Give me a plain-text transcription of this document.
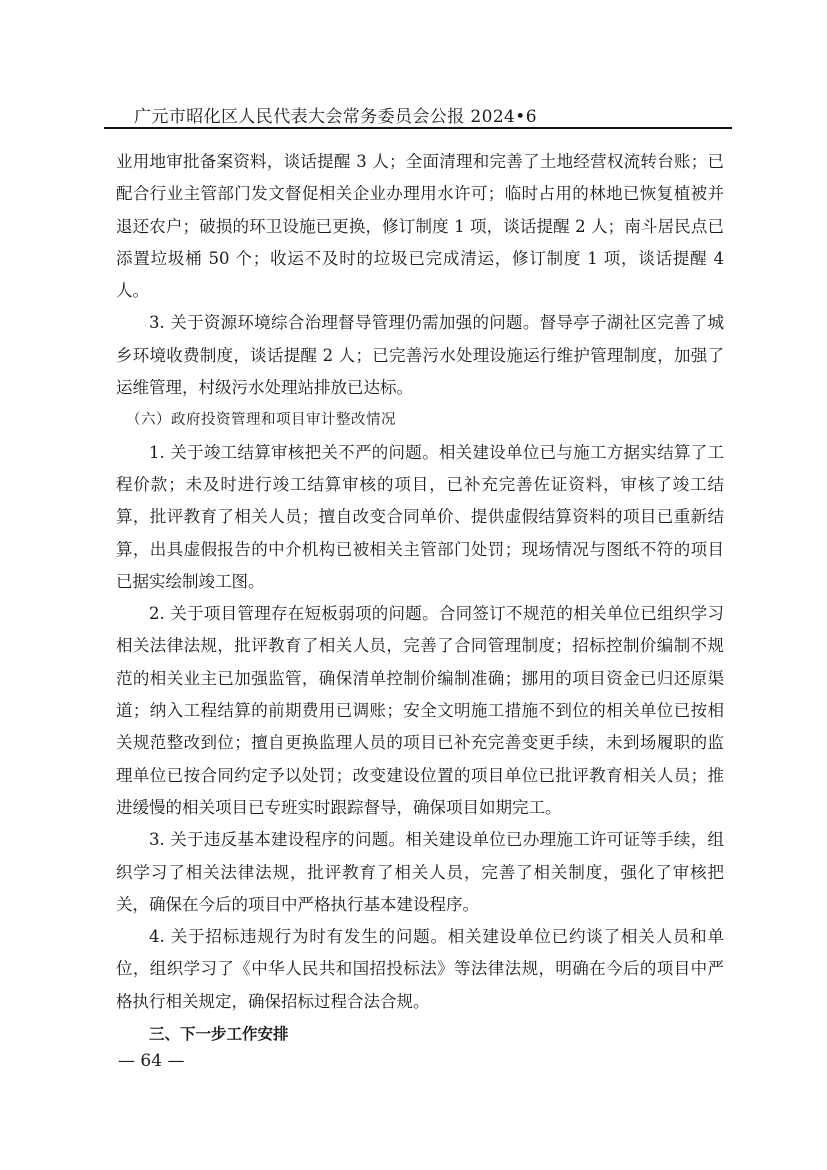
广元市昭化区人民代表大会常务委员会公报 2024•6

业用地审批备案资料，谈话提醒 3 人；全面清理和完善了土地经营权流转台账；已配合行业主管部门发文督促相关企业办理用水许可；临时占用的林地已恢复植被并退还农户；破损的环卫设施已更换，修订制度 1 项，谈话提醒 2 人；南斗居民点已添置垃圾桶 50 个；收运不及时的垃圾已完成清运，修订制度 1 项，谈话提醒 4 人。

3. 关于资源环境综合治理督导管理仍需加强的问题。督导亭子湖社区完善了城乡环境收费制度，谈话提醒 2 人；已完善污水处理设施运行维护管理制度，加强了运维管理，村级污水处理站排放已达标。

（六）政府投资管理和项目审计整改情况

1. 关于竣工结算审核把关不严的问题。相关建设单位已与施工方据实结算了工程价款；未及时进行竣工结算审核的项目，已补充完善佐证资料，审核了竣工结算，批评教育了相关人员；擅自改变合同单价、提供虚假结算资料的项目已重新结算，出具虚假报告的中介机构已被相关主管部门处罚；现场情况与图纸不符的项目已据实绘制竣工图。

2. 关于项目管理存在短板弱项的问题。合同签订不规范的相关单位已组织学习相关法律法规，批评教育了相关人员，完善了合同管理制度；招标控制价编制不规范的相关业主已加强监管，确保清单控制价编制准确；挪用的项目资金已归还原渠道；纳入工程结算的前期费用已调账；安全文明施工措施不到位的相关单位已按相关规范整改到位；擅自更换监理人员的项目已补充完善变更手续，未到场履职的监理单位已按合同约定予以处罚；改变建设位置的项目单位已批评教育相关人员；推进缓慢的相关项目已专班实时跟踪督导，确保项目如期完工。

3. 关于违反基本建设程序的问题。相关建设单位已办理施工许可证等手续，组织学习了相关法律法规，批评教育了相关人员，完善了相关制度，强化了审核把关，确保在今后的项目中严格执行基本建设程序。

4. 关于招标违规行为时有发生的问题。相关建设单位已约谈了相关人员和单位，组织学习了《中华人民共和国招投标法》等法律法规，明确在今后的项目中严格执行相关规定，确保招标过程合法合规。

三、下一步工作安排

— 64 —
